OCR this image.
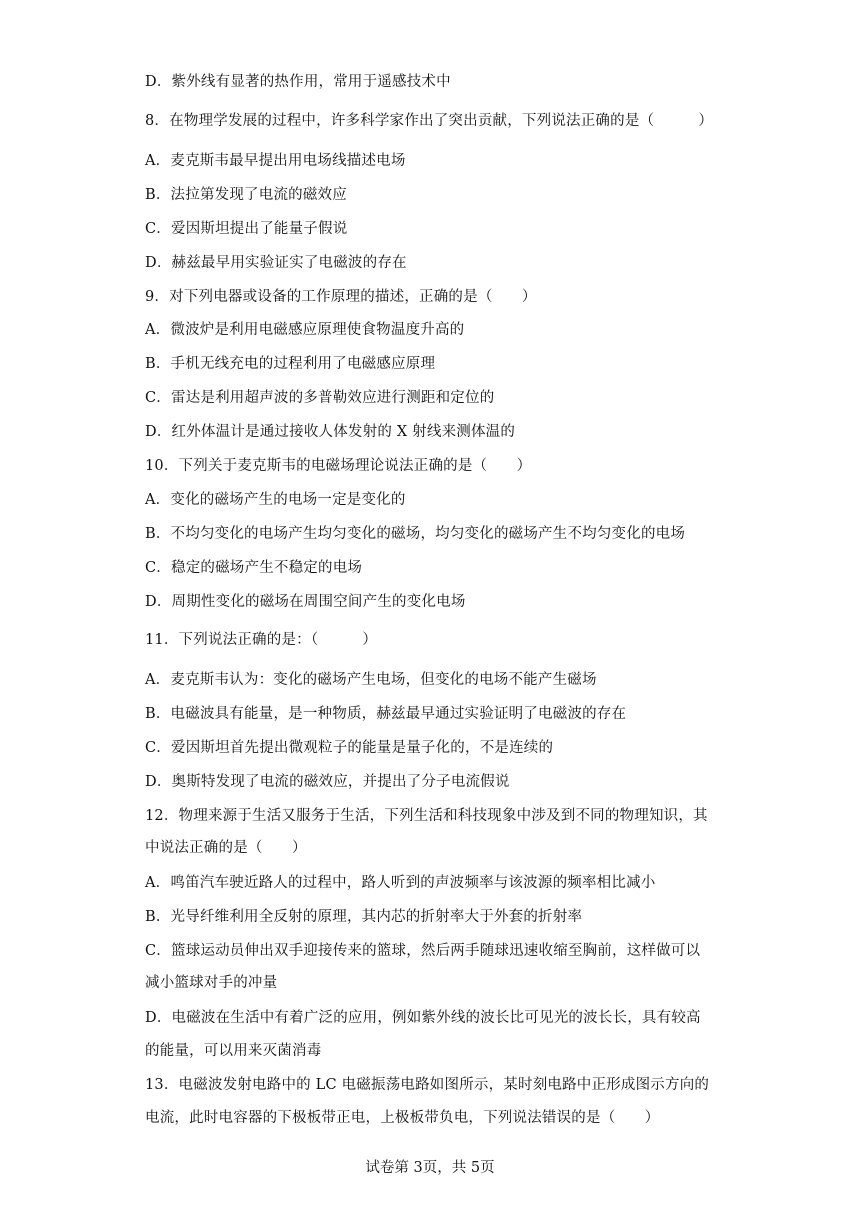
D．紫外线有显著的热作用，常用于遥感技术中
8．在物理学发展的过程中，许多科学家作出了突出贡献，下列说法正确的是（　　　）
A．麦克斯韦最早提出用电场线描述电场
B．法拉第发现了电流的磁效应
C．爱因斯坦提出了能量子假说
D．赫兹最早用实验证实了电磁波的存在
9．对下列电器或设备的工作原理的描述，正确的是（　　）
A．微波炉是利用电磁感应原理使食物温度升高的
B．手机无线充电的过程利用了电磁感应原理
C．雷达是利用超声波的多普勒效应进行测距和定位的
D．红外体温计是通过接收人体发射的 X 射线来测体温的
10．下列关于麦克斯韦的电磁场理论说法正确的是（　　）
A．变化的磁场产生的电场一定是变化的
B．不均匀变化的电场产生均匀变化的磁场，均匀变化的磁场产生不均匀变化的电场
C．稳定的磁场产生不稳定的电场
D．周期性变化的磁场在周围空间产生的变化电场
11．下列说法正确的是：（　　　）
A．麦克斯韦认为：变化的磁场产生电场，但变化的电场不能产生磁场
B．电磁波具有能量，是一种物质，赫兹最早通过实验证明了电磁波的存在
C．爱因斯坦首先提出微观粒子的能量是量子化的，不是连续的
D．奥斯特发现了电流的磁效应，并提出了分子电流假说
12．物理来源于生活又服务于生活，下列生活和科技现象中涉及到不同的物理知识，其
中说法正确的是（　　）
A．鸣笛汽车驶近路人的过程中，路人听到的声波频率与该波源的频率相比减小
B．光导纤维利用全反射的原理，其内芯的折射率大于外套的折射率
C．篮球运动员伸出双手迎接传来的篮球，然后两手随球迅速收缩至胸前，这样做可以
减小篮球对手的冲量
D．电磁波在生活中有着广泛的应用，例如紫外线的波长比可见光的波长长，具有较高
的能量，可以用来灭菌消毒
13．电磁波发射电路中的 LC 电磁振荡电路如图所示，某时刻电路中正形成图示方向的
电流，此时电容器的下极板带正电，上极板带负电，下列说法错误的是（　　）
试卷第 3页，共 5页
